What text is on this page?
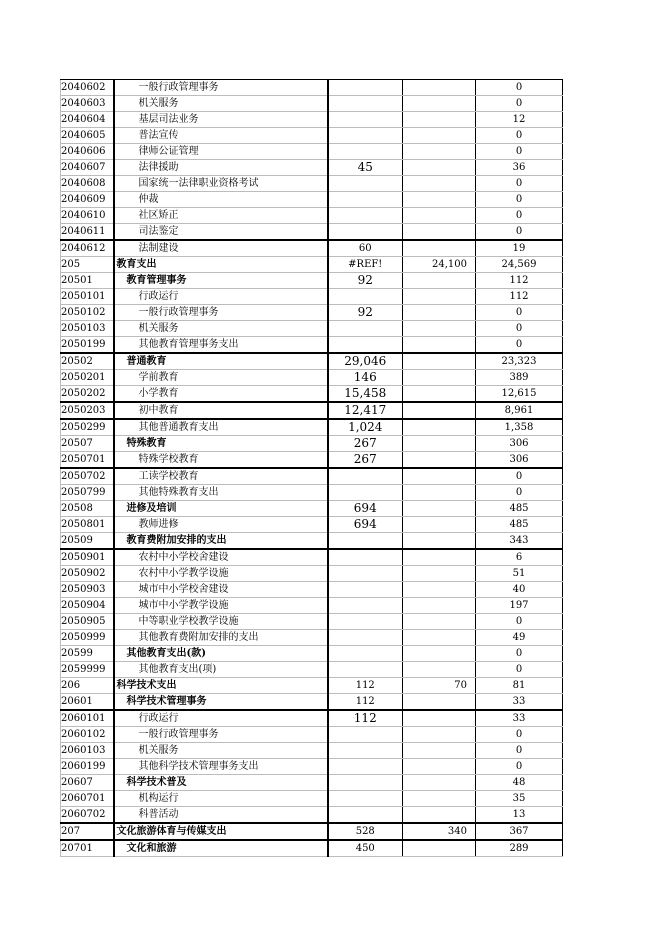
2040602	一般行政管理事务			0
2040603	机关服务			0
2040604	基层司法业务			12
2040605	普法宣传			0
2040606	律师公证管理			0
2040607	法律援助	45		36
2040608	国家统一法律职业资格考试			0
2040609	仲裁			0
2040610	社区矫正			0
2040611	司法鉴定			0
2040612	法制建设	60		19
205	教育支出	#REF!	24,100	24,569
20501	教育管理事务	92		112
2050101	行政运行			112
2050102	一般行政管理事务	92		0
2050103	机关服务			0
2050199	其他教育管理事务支出			0
20502	普通教育	29,046		23,323
2050201	学前教育	146		389
2050202	小学教育	15,458		12,615
2050203	初中教育	12,417		8,961
2050299	其他普通教育支出	1,024		1,358
20507	特殊教育	267		306
2050701	特殊学校教育	267		306
2050702	工读学校教育			0
2050799	其他特殊教育支出			0
20508	进修及培训	694		485
2050801	教师进修	694		485
20509	教育费附加安排的支出			343
2050901	农村中小学校舍建设			6
2050902	农村中小学教学设施			51
2050903	城市中小学校舍建设			40
2050904	城市中小学教学设施			197
2050905	中等职业学校教学设施			0
2050999	其他教育费附加安排的支出			49
20599	其他教育支出(款)			0
2059999	其他教育支出(项)			0
206	科学技术支出	112	70	81
20601	科学技术管理事务	112		33
2060101	行政运行	112		33
2060102	一般行政管理事务			0
2060103	机关服务			0
2060199	其他科学技术管理事务支出			0
20607	科学技术普及			48
2060701	机构运行			35
2060702	科普活动			13
207	文化旅游体育与传媒支出	528	340	367
20701	文化和旅游	450		289
